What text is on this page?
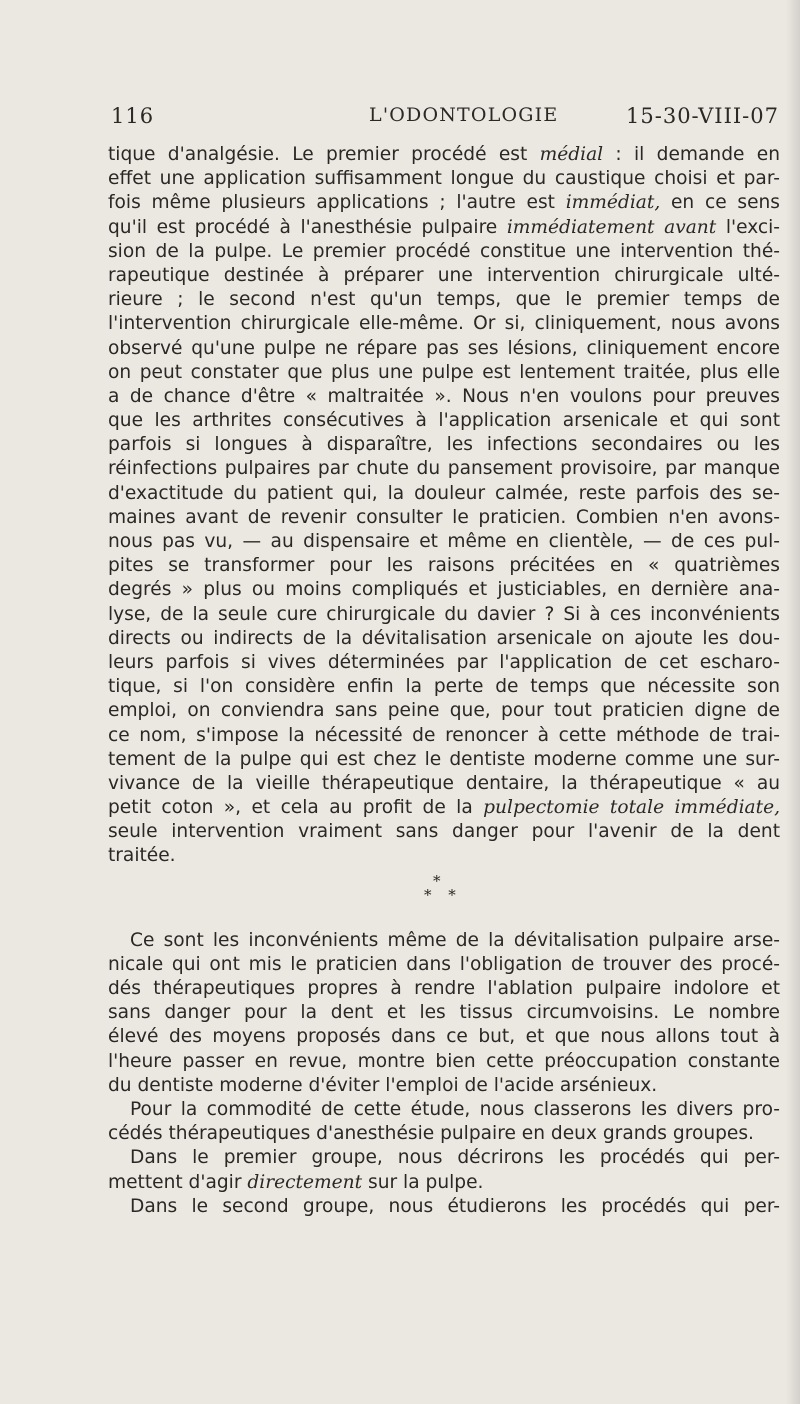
116	L'ODONTOLOGIE	15-30-VIII-07
tique d'analgésie. Le premier procédé est médial : il demande en
effet une application suffisamment longue du caustique choisi et par-
fois même plusieurs applications ; l'autre est immédiat, en ce sens
qu'il est procédé à l'anesthésie pulpaire immédiatement avant l'exci-
sion de la pulpe. Le premier procédé constitue une intervention thé-
rapeutique destinée à préparer une intervention chirurgicale ulté-
rieure ; le second n'est qu'un temps, que le premier temps de
l'intervention chirurgicale elle-même. Or si, cliniquement, nous avons
observé qu'une pulpe ne répare pas ses lésions, cliniquement encore
on peut constater que plus une pulpe est lentement traitée, plus elle
a de chance d'être « maltraitée ». Nous n'en voulons pour preuves
que les arthrites consécutives à l'application arsenicale et qui sont
parfois si longues à disparaître, les infections secondaires ou les
réinfections pulpaires par chute du pansement provisoire, par manque
d'exactitude du patient qui, la douleur calmée, reste parfois des se-
maines avant de revenir consulter le praticien. Combien n'en avons-
nous pas vu, — au dispensaire et même en clientèle, — de ces pul-
pites se transformer pour les raisons précitées en « quatrièmes
degrés » plus ou moins compliqués et justiciables, en dernière ana-
lyse, de la seule cure chirurgicale du davier ? Si à ces inconvénients
directs ou indirects de la dévitalisation arsenicale on ajoute les dou-
leurs parfois si vives déterminées par l'application de cet escharo-
tique, si l'on considère enfin la perte de temps que nécessite son
emploi, on conviendra sans peine que, pour tout praticien digne de
ce nom, s'impose la nécessité de renoncer à cette méthode de trai-
tement de la pulpe qui est chez le dentiste moderne comme une sur-
vivance de la vieille thérapeutique dentaire, la thérapeutique « au
petit coton », et cela au profit de la pulpectomie totale immédiate,
seule intervention vraiment sans danger pour l'avenir de la dent
traitée.
*
* *
Ce sont les inconvénients même de la dévitalisation pulpaire arse-
nicale qui ont mis le praticien dans l'obligation de trouver des procé-
dés thérapeutiques propres à rendre l'ablation pulpaire indolore et
sans danger pour la dent et les tissus circumvoisins. Le nombre
élevé des moyens proposés dans ce but, et que nous allons tout à
l'heure passer en revue, montre bien cette préoccupation constante
du dentiste moderne d'éviter l'emploi de l'acide arsénieux.
Pour la commodité de cette étude, nous classerons les divers pro-
cédés thérapeutiques d'anesthésie pulpaire en deux grands groupes.
Dans le premier groupe, nous décrirons les procédés qui per-
mettent d'agir directement sur la pulpe.
Dans le second groupe, nous étudierons les procédés qui per-
